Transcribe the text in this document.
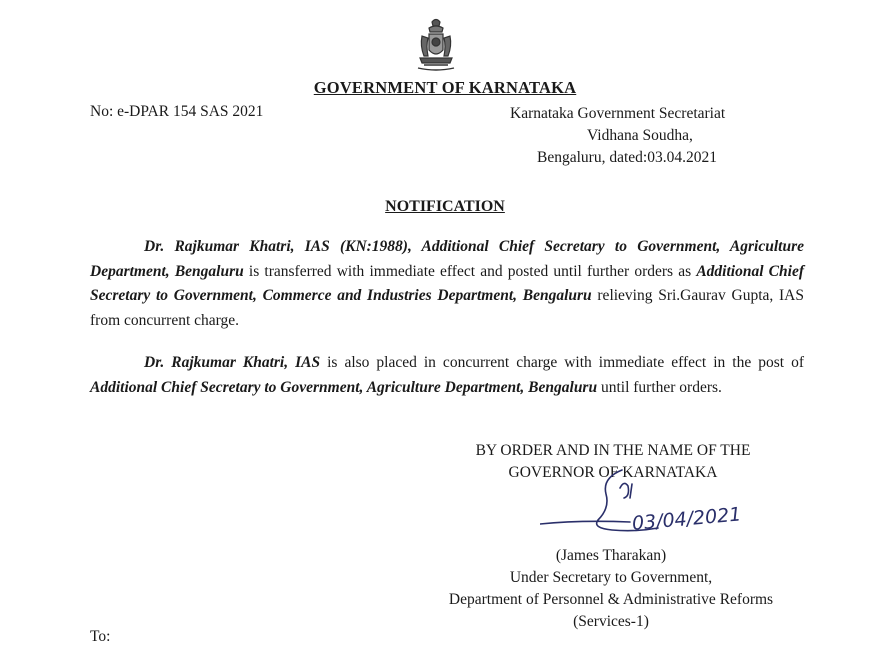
GOVERNMENT OF KARNATAKA
No: e-DPAR 154 SAS 2021	Karnataka Government Secretariat
Vidhana Soudha,
Bengaluru, dated:03.04.2021
NOTIFICATION
Dr. Rajkumar Khatri, IAS (KN:1988), Additional Chief Secretary to Government, Agriculture Department, Bengaluru is transferred with immediate effect and posted until further orders as Additional Chief Secretary to Government, Commerce and Industries Department, Bengaluru relieving Sri.Gaurav Gupta, IAS from concurrent charge.
Dr. Rajkumar Khatri, IAS is also placed in concurrent charge with immediate effect in the post of Additional Chief Secretary to Government, Agriculture Department, Bengaluru until further orders.
BY ORDER AND IN THE NAME OF THE
GOVERNOR OF KARNATAKA
03/04/2021
(James Tharakan)
Under Secretary to Government,
Department of Personnel & Administrative Reforms
(Services-1)
To:
